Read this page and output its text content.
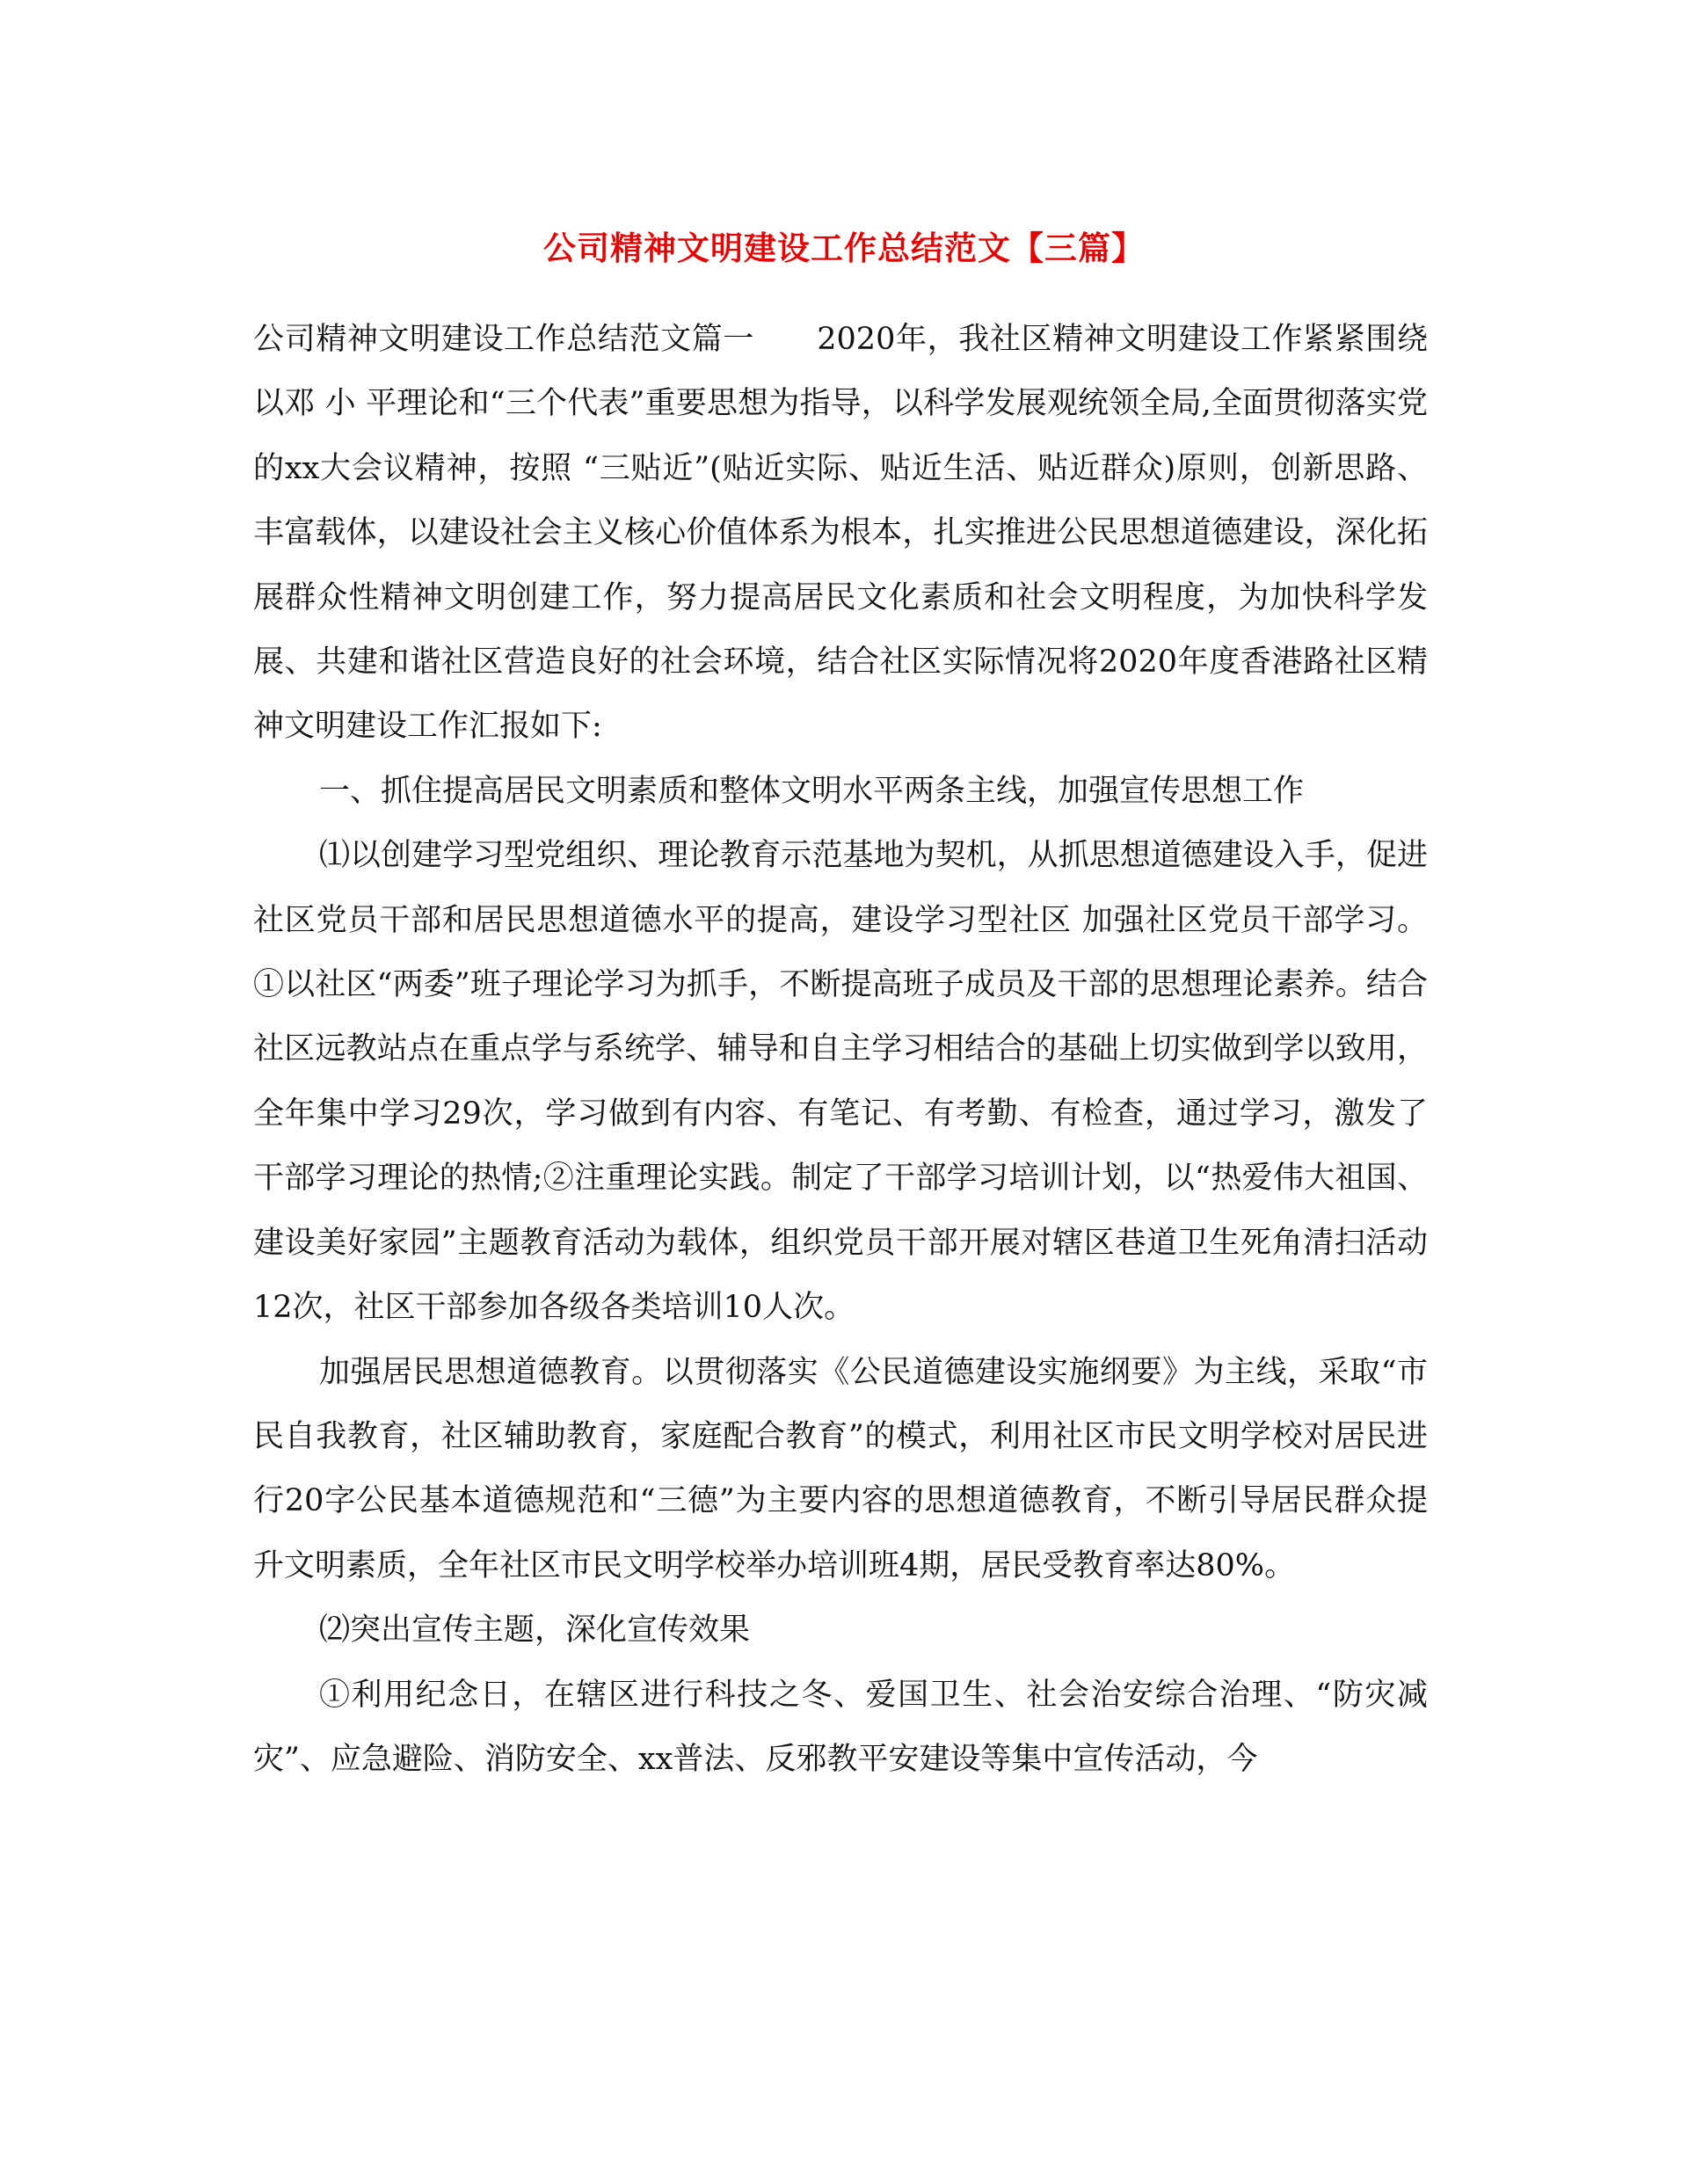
公司精神文明建设工作总结范文【三篇】

公司精神文明建设工作总结范文篇一　　2020年，我社区精神文明建设工作紧紧围绕以邓 小 平理论和“三个代表”重要思想为指导，以科学发展观统领全局,全面贯彻落实党的xx大会议精神，按照 “三贴近”(贴近实际、贴近生活、贴近群众)原则，创新思路、丰富载体，以建设社会主义核心价值体系为根本，扎实推进公民思想道德建设，深化拓展群众性精神文明创建工作，努力提高居民文化素质和社会文明程度，为加快科学发展、共建和谐社区营造良好的社会环境，结合社区实际情况将2020年度香港路社区精神文明建设工作汇报如下:

一、抓住提高居民文明素质和整体文明水平两条主线，加强宣传思想工作

⑴以创建学习型党组织、理论教育示范基地为契机，从抓思想道德建设入手，促进社区党员干部和居民思想道德水平的提高，建设学习型社区 加强社区党员干部学习。①以社区“两委”班子理论学习为抓手，不断提高班子成员及干部的思想理论素养。结合社区远教站点在重点学与系统学、辅导和自主学习相结合的基础上切实做到学以致用，全年集中学习29次，学习做到有内容、有笔记、有考勤、有检查，通过学习，激发了干部学习理论的热情;②注重理论实践。制定了干部学习培训计划，以“热爱伟大祖国、建设美好家园”主题教育活动为载体，组织党员干部开展对辖区巷道卫生死角清扫活动12次，社区干部参加各级各类培训10人次。

加强居民思想道德教育。以贯彻落实《公民道德建设实施纲要》为主线，采取“市民自我教育，社区辅助教育，家庭配合教育”的模式，利用社区市民文明学校对居民进行20字公民基本道德规范和“三德”为主要内容的思想道德教育，不断引导居民群众提升文明素质，全年社区市民文明学校举办培训班4期，居民受教育率达80%。

⑵突出宣传主题，深化宣传效果

①利用纪念日，在辖区进行科技之冬、爱国卫生、社会治安综合治理、“防灾减灾”、应急避险、消防安全、xx普法、反邪教平安建设等集中宣传活动，今
